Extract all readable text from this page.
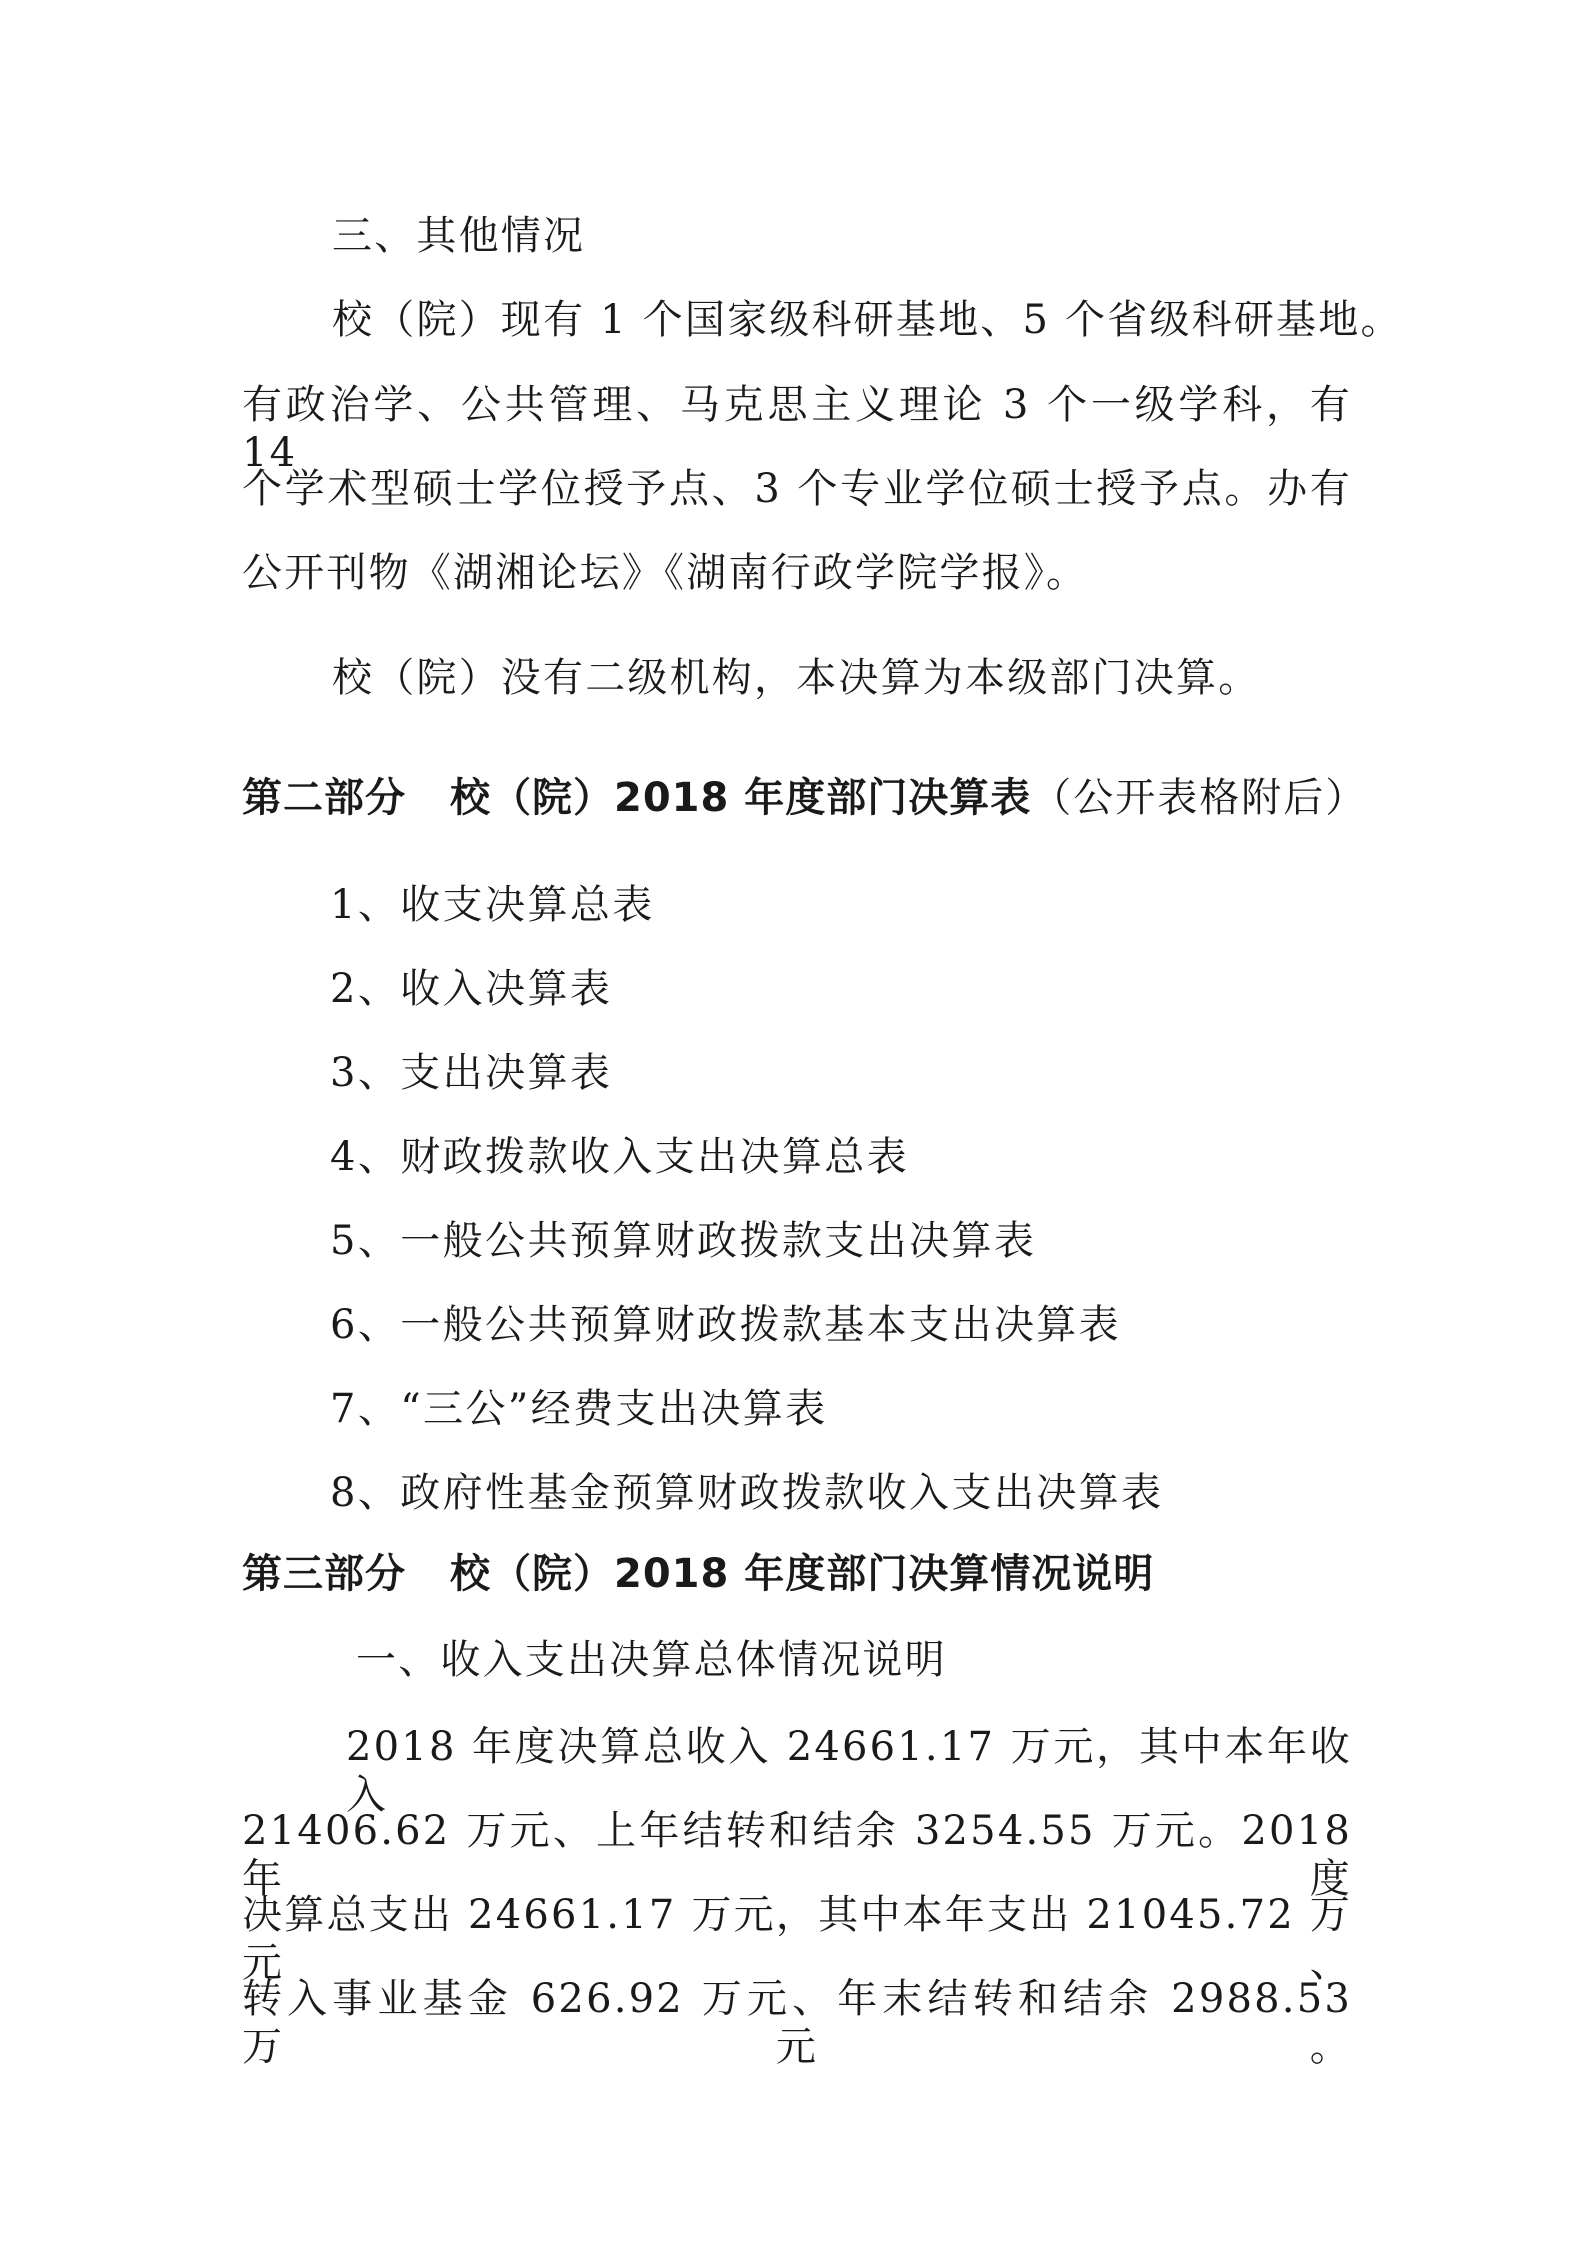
三、其他情况
校（院）现有 1 个国家级科研基地、5 个省级科研基地。
有政治学、公共管理、马克思主义理论 3 个一级学科，有 14
个学术型硕士学位授予点、3 个专业学位硕士授予点。办有
公开刊物《湖湘论坛》《湖南行政学院学报》。
校（院）没有二级机构，本决算为本级部门决算。
第二部分 校（院）2018 年度部门决算表（公开表格附后）
1、收支决算总表
2、收入决算表
3、支出决算表
4、财政拨款收入支出决算总表
5、一般公共预算财政拨款支出决算表
6、一般公共预算财政拨款基本支出决算表
7、“三公”经费支出决算表
8、政府性基金预算财政拨款收入支出决算表
第三部分 校（院）2018 年度部门决算情况说明
一、收入支出决算总体情况说明
2018 年度决算总收入 24661.17 万元，其中本年收入
21406.62 万元、上年结转和结余 3254.55 万元。2018 年度
决算总支出 24661.17 万元，其中本年支出 21045.72 万元、
转入事业基金 626.92 万元、年末结转和结余 2988.53 万元。
